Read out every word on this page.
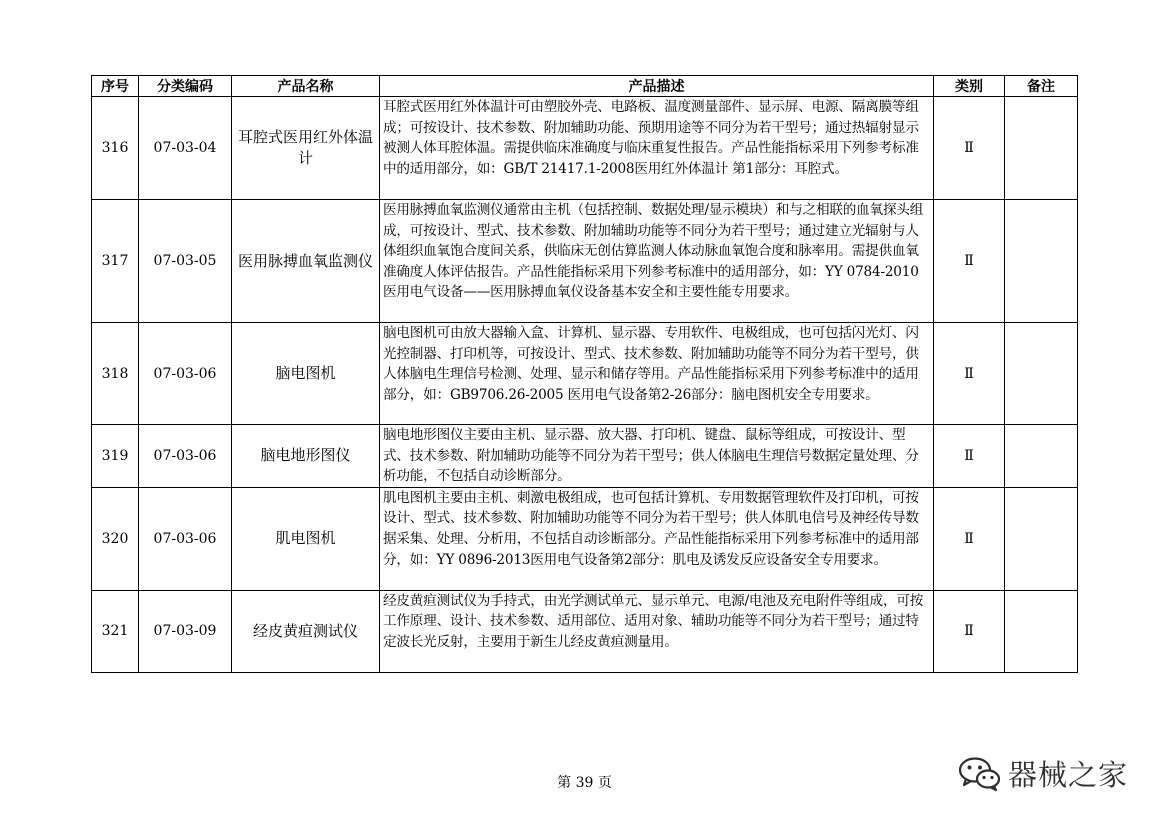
序号	分类编码	产品名称	产品描述	类别	备注
316	07-03-04	耳腔式医用红外体温计	耳腔式医用红外体温计可由塑胶外壳、电路板、温度测量部件、显示屏、电源、隔离膜等组成；可按设计、技术参数、附加辅助功能、预期用途等不同分为若干型号；通过热辐射显示被测人体耳腔体温。需提供临床准确度与临床重复性报告。产品性能指标采用下列参考标准中的适用部分，如：GB/T 21417.1-2008医用红外体温计 第1部分：耳腔式。	Ⅱ	
317	07-03-05	医用脉搏血氧监测仪	医用脉搏血氧监测仪通常由主机（包括控制、数据处理/显示模块）和与之相联的血氧探头组成，可按设计、型式、技术参数、附加辅助功能等不同分为若干型号；通过建立光辐射与人体组织血氧饱合度间关系，供临床无创估算监测人体动脉血氧饱合度和脉率用。需提供血氧准确度人体评估报告。产品性能指标采用下列参考标准中的适用部分，如：YY 0784-2010医用电气设备——医用脉搏血氧仪设备基本安全和主要性能专用要求。	Ⅱ	
318	07-03-06	脑电图机	脑电图机可由放大器输入盒、计算机、显示器、专用软件、电极组成，也可包括闪光灯、闪光控制器、打印机等，可按设计、型式、技术参数、附加辅助功能等不同分为若干型号，供人体脑电生理信号检测、处理、显示和储存等用。产品性能指标采用下列参考标准中的适用部分，如：GB9706.26-2005 医用电气设备第2-26部分：脑电图机安全专用要求。	Ⅱ	
319	07-03-06	脑电地形图仪	脑电地形图仪主要由主机、显示器、放大器、打印机、键盘、鼠标等组成，可按设计、型式、技术参数、附加辅助功能等不同分为若干型号；供人体脑电生理信号数据定量处理、分析功能，不包括自动诊断部分。	Ⅱ	
320	07-03-06	肌电图机	肌电图机主要由主机、刺激电极组成，也可包括计算机、专用数据管理软件及打印机，可按设计、型式、技术参数、附加辅助功能等不同分为若干型号；供人体肌电信号及神经传导数据采集、处理、分析用，不包括自动诊断部分。产品性能指标采用下列参考标准中的适用部分，如：YY 0896-2013医用电气设备第2部分：肌电及诱发反应设备安全专用要求。	Ⅱ	
321	07-03-09	经皮黄疸测试仪	经皮黄疸测试仪为手持式，由光学测试单元、显示单元、电源/电池及充电附件等组成，可按工作原理、设计、技术参数、适用部位、适用对象、辅助功能等不同分为若干型号；通过特定波长光反射，主要用于新生儿经皮黄疸测量用。	Ⅱ	
第 39 页	器械之家
